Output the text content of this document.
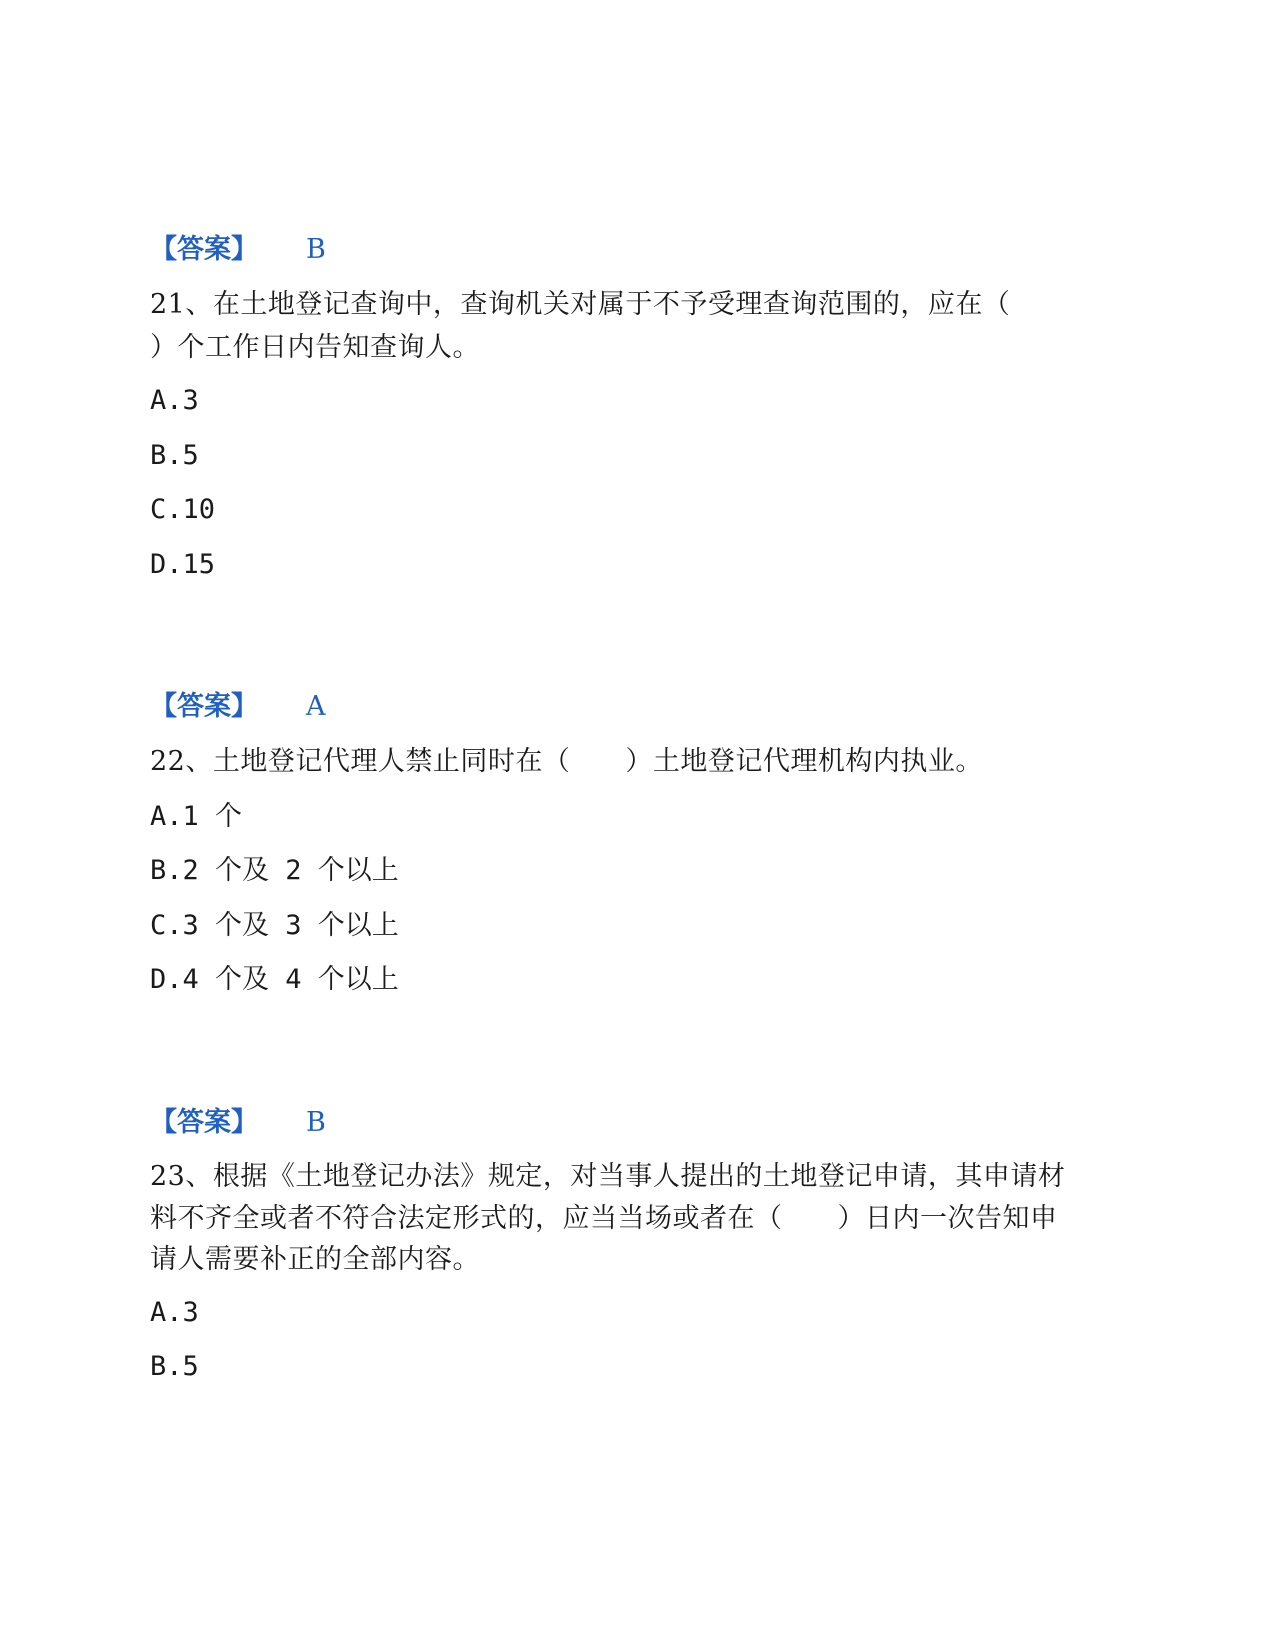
【答案】 B
21、在土地登记查询中，查询机关对属于不予受理查询范围的，应在（
）个工作日内告知查询人。
A.3
B.5
C.10
D.15
【答案】 A
22、土地登记代理人禁止同时在（　　）土地登记代理机构内执业。
A.1 个
B.2 个及 2 个以上
C.3 个及 3 个以上
D.4 个及 4 个以上
【答案】 B
23、根据《土地登记办法》规定，对当事人提出的土地登记申请，其申请材
料不齐全或者不符合法定形式的，应当当场或者在（　　）日内一次告知申
请人需要补正的全部内容。
A.3
B.5
